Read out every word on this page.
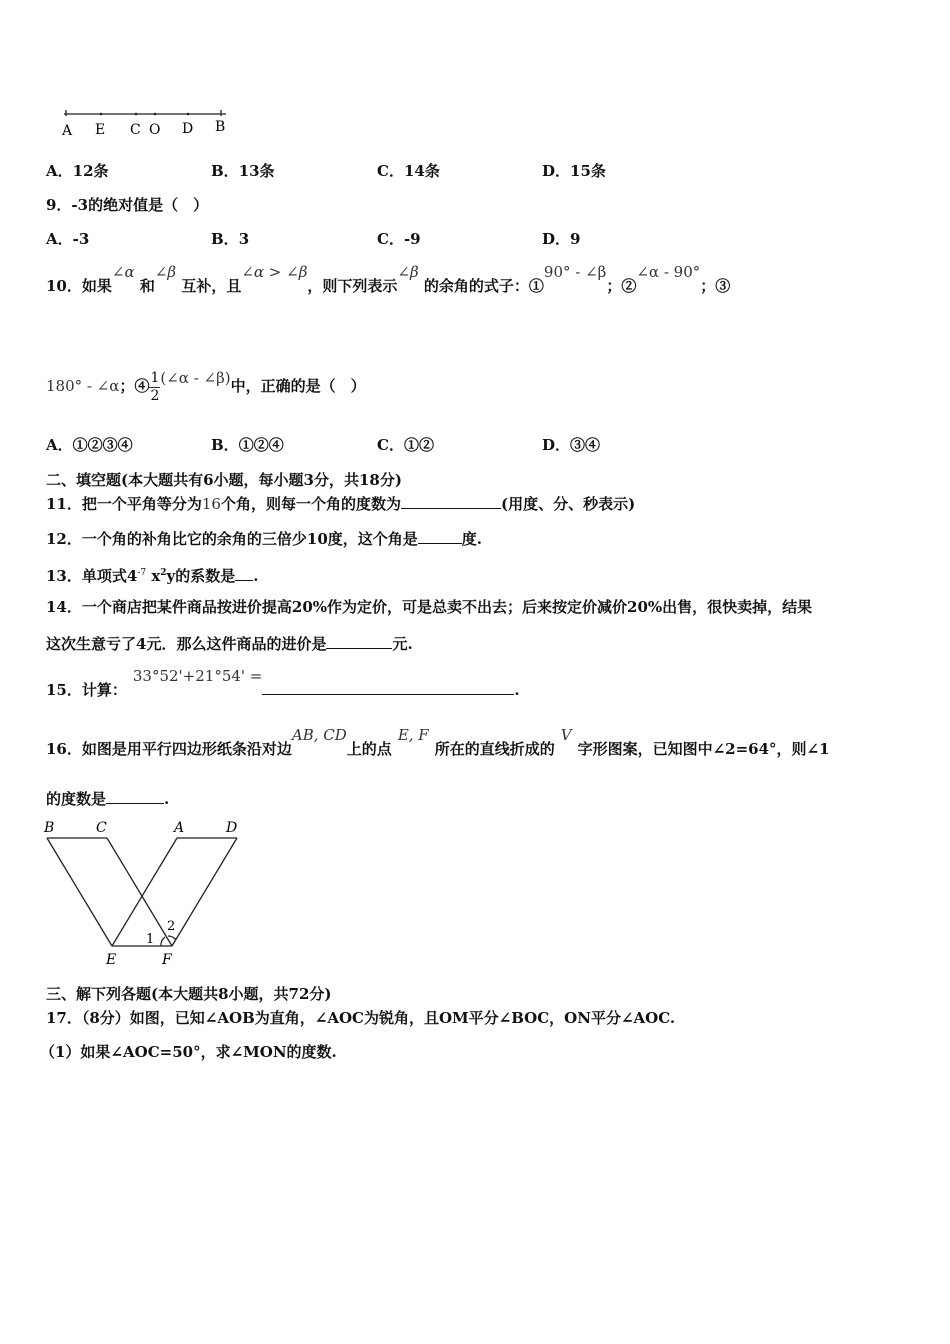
A E C O D B
A．12条	B．13条	C．14条	D．15条
9．-3的绝对值是（　）
A．-3	B．3	C．-9	D．9
10．如果∠α 和∠β 互补，且∠α > ∠β，则下列表示∠β 的余角的式子：①90° - ∠β；②∠α - 90°；③
180° - ∠α；④ $\frac{1}{2}$ (∠α - ∠β)中，正确的是（　）
A．①②③④	B．①②④	C．①②	D．③④
二、填空题(本大题共有6小题，每小题3分，共18分)
11．把一个平角等分为16个角，则每一个角的度数为	(用度、分、秒表示)
12．一个角的补角比它的余角的三倍少10度，这个角是	度.
13．单项式$4^{-7}$ $x^2y$的系数是 .
14．一个商店把某件商品按进价提高20%作为定价，可是总卖不出去；后来按定价减价20%出售，很快卖掉，结果
这次生意亏了4元．那么这件商品的进价是	元.
15．计算：33°52'+21°54' =.
16．如图是用平行四边形纸条沿对边AB, CD上的点E, F所在的直线折成的V字形图案，已知图中∠2=64°，则∠1
的度数是	.
B	C	A	D
E	F
1
2
三、解下列各题(本大题共8小题，共72分)
17．（8分）如图，已知∠AOB为直角，∠AOC为锐角，且OM平分∠BOC，ON平分∠AOC.
（1）如果∠AOC=50°，求∠MON的度数.
